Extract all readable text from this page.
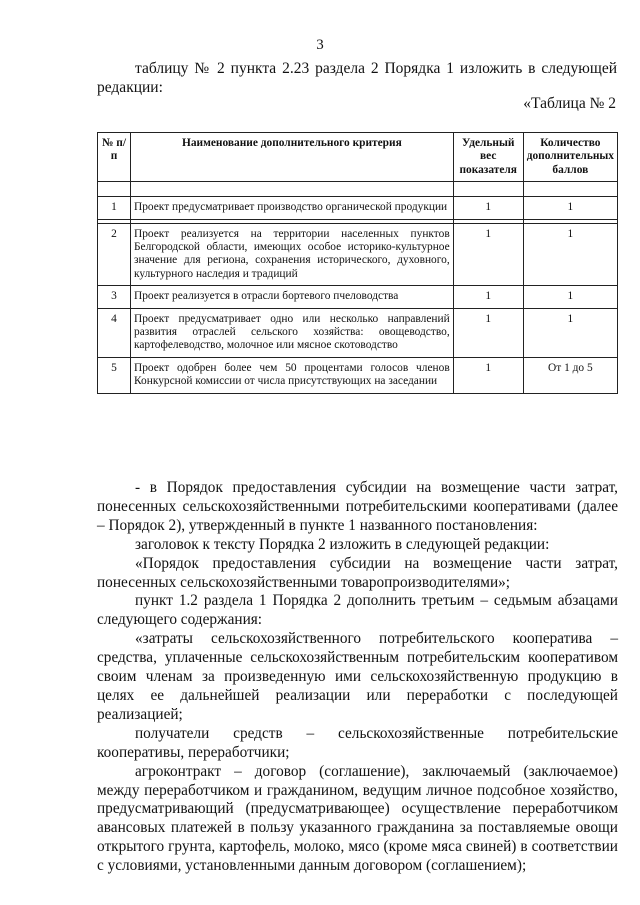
3
таблицу № 2 пункта 2.23 раздела 2 Порядка 1 изложить в следующей редакции:
«Таблица № 2
№ п/п	Наименование дополнительного критерия	Удельный вес показателя	Количество дополнительных баллов

1	Проект предусматривает производство органической продукции	1	1

2	Проект реализуется на территории населенных пунктов Белгородской области, имеющих особое историко-культурное значение для региона, сохранения исторического, духовного, культурного наследия и традиций	1	1
3	Проект реализуется в отрасли бортевого пчеловодства	1	1
4	Проект предусматривает одно или несколько направлений развития отраслей сельского хозяйства: овощеводство, картофелеводство, молочное или мясное скотоводство	1	1
5	Проект одобрен более чем 50 процентами голосов членов Конкурсной комиссии от числа присутствующих на заседании	1	От 1 до 5

- в Порядок предоставления субсидии на возмещение части затрат, понесенных сельскохозяйственными потребительскими кооперативами (далее – Порядок 2), утвержденный в пункте 1 названного постановления:

заголовок к тексту Порядка 2 изложить в следующей редакции:

«Порядок предоставления субсидии на возмещение части затрат, понесенных сельскохозяйственными товаропроизводителями»;

пункт 1.2 раздела 1 Порядка 2 дополнить третьим – седьмым абзацами следующего содержания:

«затраты сельскохозяйственного потребительского кооператива – средства, уплаченные сельскохозяйственным потребительским кооперативом своим членам за произведенную ими сельскохозяйственную продукцию в целях ее дальнейшей реализации или переработки с последующей реализацией;

получатели средств – сельскохозяйственные потребительские кооперативы, переработчики;

агроконтракт – договор (соглашение), заключаемый (заключаемое) между переработчиком и гражданином, ведущим личное подсобное хозяйство, предусматривающий (предусматривающее) осуществление переработчиком авансовых платежей в пользу указанного гражданина за поставляемые овощи открытого грунта, картофель, молоко, мясо (кроме мяса свиней) в соответствии с условиями, установленными данным договором (соглашением);
